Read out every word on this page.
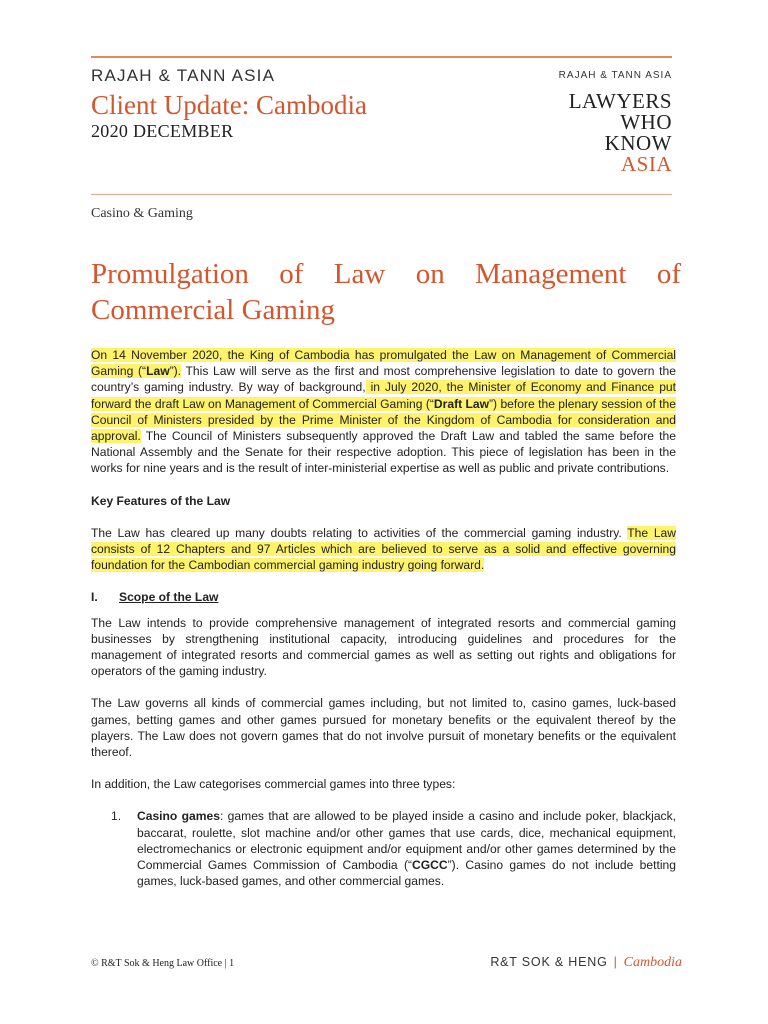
RAJAH & TANN ASIA
Client Update: Cambodia
2020 DECEMBER
RAJAH & TANN ASIA
LAWYERS
WHO
KNOW
ASIA
Casino & Gaming
Promulgation of Law on Management of Commercial Gaming

On 14 November 2020, the King of Cambodia has promulgated the Law on Management of Commercial Gaming (“Law”). This Law will serve as the first and most comprehensive legislation to date to govern the country’s gaming industry. By way of background, in July 2020, the Minister of Economy and Finance put forward the draft Law on Management of Commercial Gaming (“Draft Law”) before the plenary session of the Council of Ministers presided by the Prime Minister of the Kingdom of Cambodia for consideration and approval. The Council of Ministers subsequently approved the Draft Law and tabled the same before the National Assembly and the Senate for their respective adoption. This piece of legislation has been in the works for nine years and is the result of inter-ministerial expertise as well as public and private contributions.

Key Features of the Law

The Law has cleared up many doubts relating to activities of the commercial gaming industry. The Law consists of 12 Chapters and 97 Articles which are believed to serve as a solid and effective governing foundation for the Cambodian commercial gaming industry going forward.

I. Scope of the Law

The Law intends to provide comprehensive management of integrated resorts and commercial gaming businesses by strengthening institutional capacity, introducing guidelines and procedures for the management of integrated resorts and commercial games as well as setting out rights and obligations for operators of the gaming industry.

The Law governs all kinds of commercial games including, but not limited to, casino games, luck-based games, betting games and other games pursued for monetary benefits or the equivalent thereof by the players. The Law does not govern games that do not involve pursuit of monetary benefits or the equivalent thereof.

In addition, the Law categorises commercial games into three types:

1.	Casino games: games that are allowed to be played inside a casino and include poker, blackjack, baccarat, roulette, slot machine and/or other games that use cards, dice, mechanical equipment, electromechanics or electronic equipment and/or equipment and/or other games determined by the Commercial Games Commission of Cambodia (“CGCC”). Casino games do not include betting games, luck-based games, and other commercial games.
© R&T Sok & Heng Law Office | 1	R&T SOK & HENG | Cambodia
